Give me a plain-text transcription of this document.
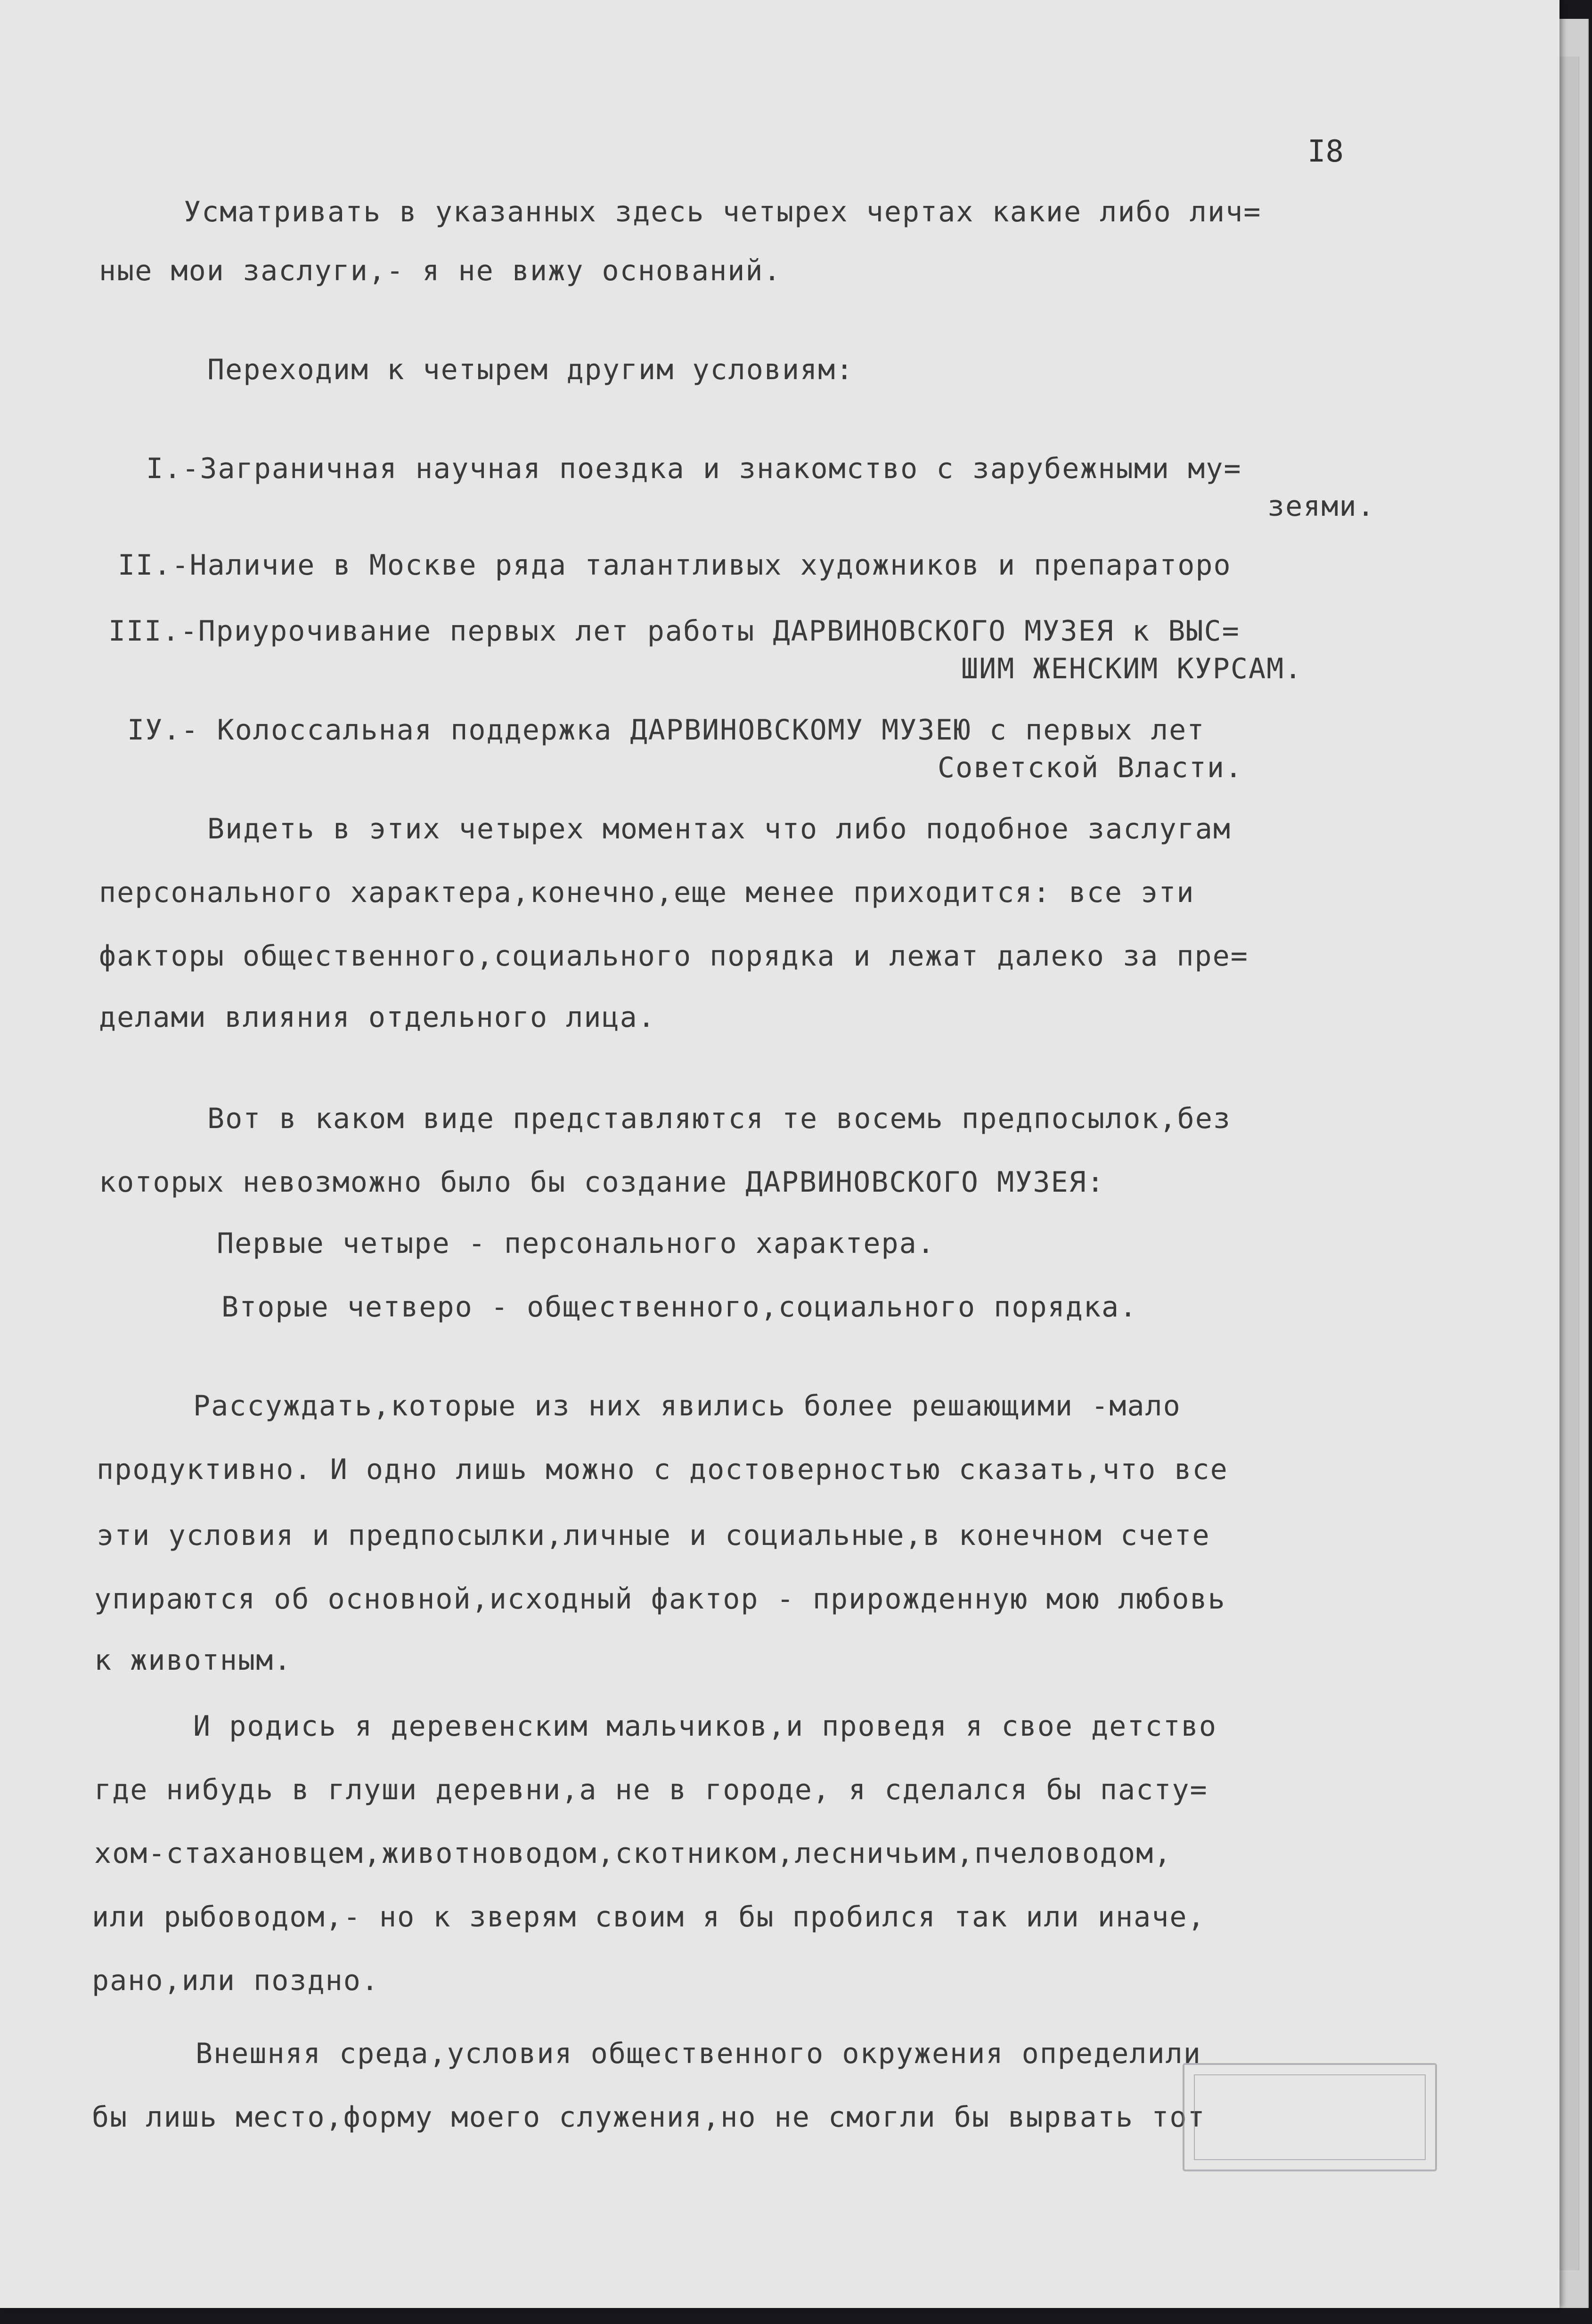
I8
Усматривать в указанных здесь четырех чертах какие либо лич=
ные мои заслуги,- я не вижу оснований.
Переходим к четырем другим условиям:
I.-Заграничная научная поездка и знакомство с зарубежными му=
зеями.
II.-Наличие в Москве ряда талантливых художников и препараторо
III.-Приурочивание первых лет работы ДАРВИНОВСКОГО МУЗЕЯ к ВЫС=
ШИМ ЖЕНСКИМ КУРСАМ.
IУ.- Колоссальная поддержка ДАРВИНОВСКОМУ МУЗЕЮ с первых лет
Советской Власти.
Видеть в этих четырех моментах что либо подобное заслугам
персонального характера,конечно,еще менее приходится: все эти
факторы общественного,социального порядка и лежат далеко за пре=
делами влияния отдельного лица.
Вот в каком виде представляются те восемь предпосылок,без
которых невозможно было бы создание ДАРВИНОВСКОГО МУЗЕЯ:
Первые четыре - персонального характера.
Вторые четверо - общественного,социального порядка.
Рассуждать,которые из них явились более решающими -мало
продуктивно. И одно лишь можно с достоверностью сказать,что все
эти условия и предпосылки,личные и социальные,в конечном счете
упираются об основной,исходный фактор - прирожденную мою любовь
к животным.
И родись я деревенским мальчиков,и проведя я свое детство
где нибудь в глуши деревни,а не в городе, я сделался бы пасту=
хом-стахановцем,животноводом,скотником,лесничьим,пчеловодом,
или рыбоводом,- но к зверям своим я бы пробился так или иначе,
рано,или поздно.
Внешняя среда,условия общественного окружения определили
бы лишь место,форму моего служения,но не смогли бы вырвать тот
